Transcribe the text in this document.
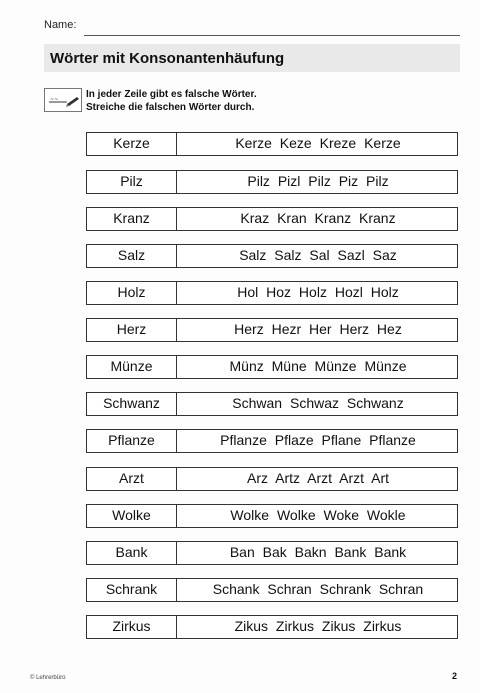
Name:
Wörter mit Konsonantenhäufung
~~	In jeder Zeile gibt es falsche Wörter.
Streiche die falschen Wörter durch.
Kerze	Kerze Keze Kreze Kerze
Pilz	Pilz Pizl Pilz Piz Pilz
Kranz	Kraz Kran Kranz Kranz
Salz	Salz Salz Sal Sazl Saz
Holz	Hol Hoz Holz Hozl Holz
Herz	Herz Hezr Her Herz Hez
Münze	Münz Müne Münze Münze
Schwanz	Schwan Schwaz Schwanz
Pflanze	Pflanze Pflaze Pflane Pflanze
Arzt	Arz Artz Arzt Arzt Art
Wolke	Wolke Wolke Woke Wokle
Bank	Ban Bak Bakn Bank Bank
Schrank	Schank Schran Schrank Schran
Zirkus	Zikus Zirkus Zikus Zirkus
© Lehrerbüro	2
